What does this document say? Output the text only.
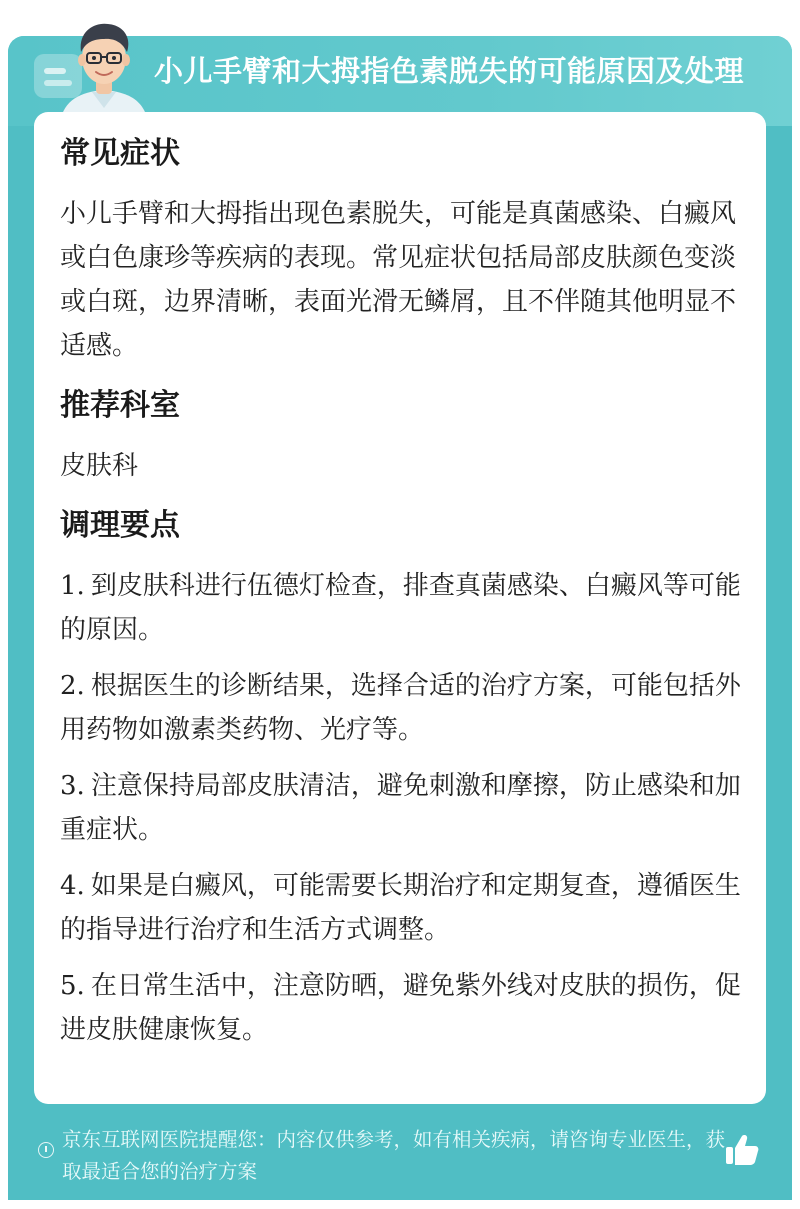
小儿手臂和大拇指色素脱失的可能原因及处理
常见症状
小儿手臂和大拇指出现色素脱失，可能是真菌感染、白癜风或白色康珍等疾病的表现。常见症状包括局部皮肤颜色变淡或白斑，边界清晰，表面光滑无鳞屑，且不伴随其他明显不适感。
推荐科室
皮肤科
调理要点
1. 到皮肤科进行伍德灯检查，排查真菌感染、白癜风等可能的原因。
2. 根据医生的诊断结果，选择合适的治疗方案，可能包括外用药物如激素类药物、光疗等。
3. 注意保持局部皮肤清洁，避免刺激和摩擦，防止感染和加重症状。
4. 如果是白癜风，可能需要长期治疗和定期复查，遵循医生的指导进行治疗和生活方式调整。
5. 在日常生活中，注意防晒，避免紫外线对皮肤的损伤，促进皮肤健康恢复。
京东互联网医院提醒您：内容仅供参考，如有相关疾病，请咨询专业医生，获取最适合您的治疗方案
